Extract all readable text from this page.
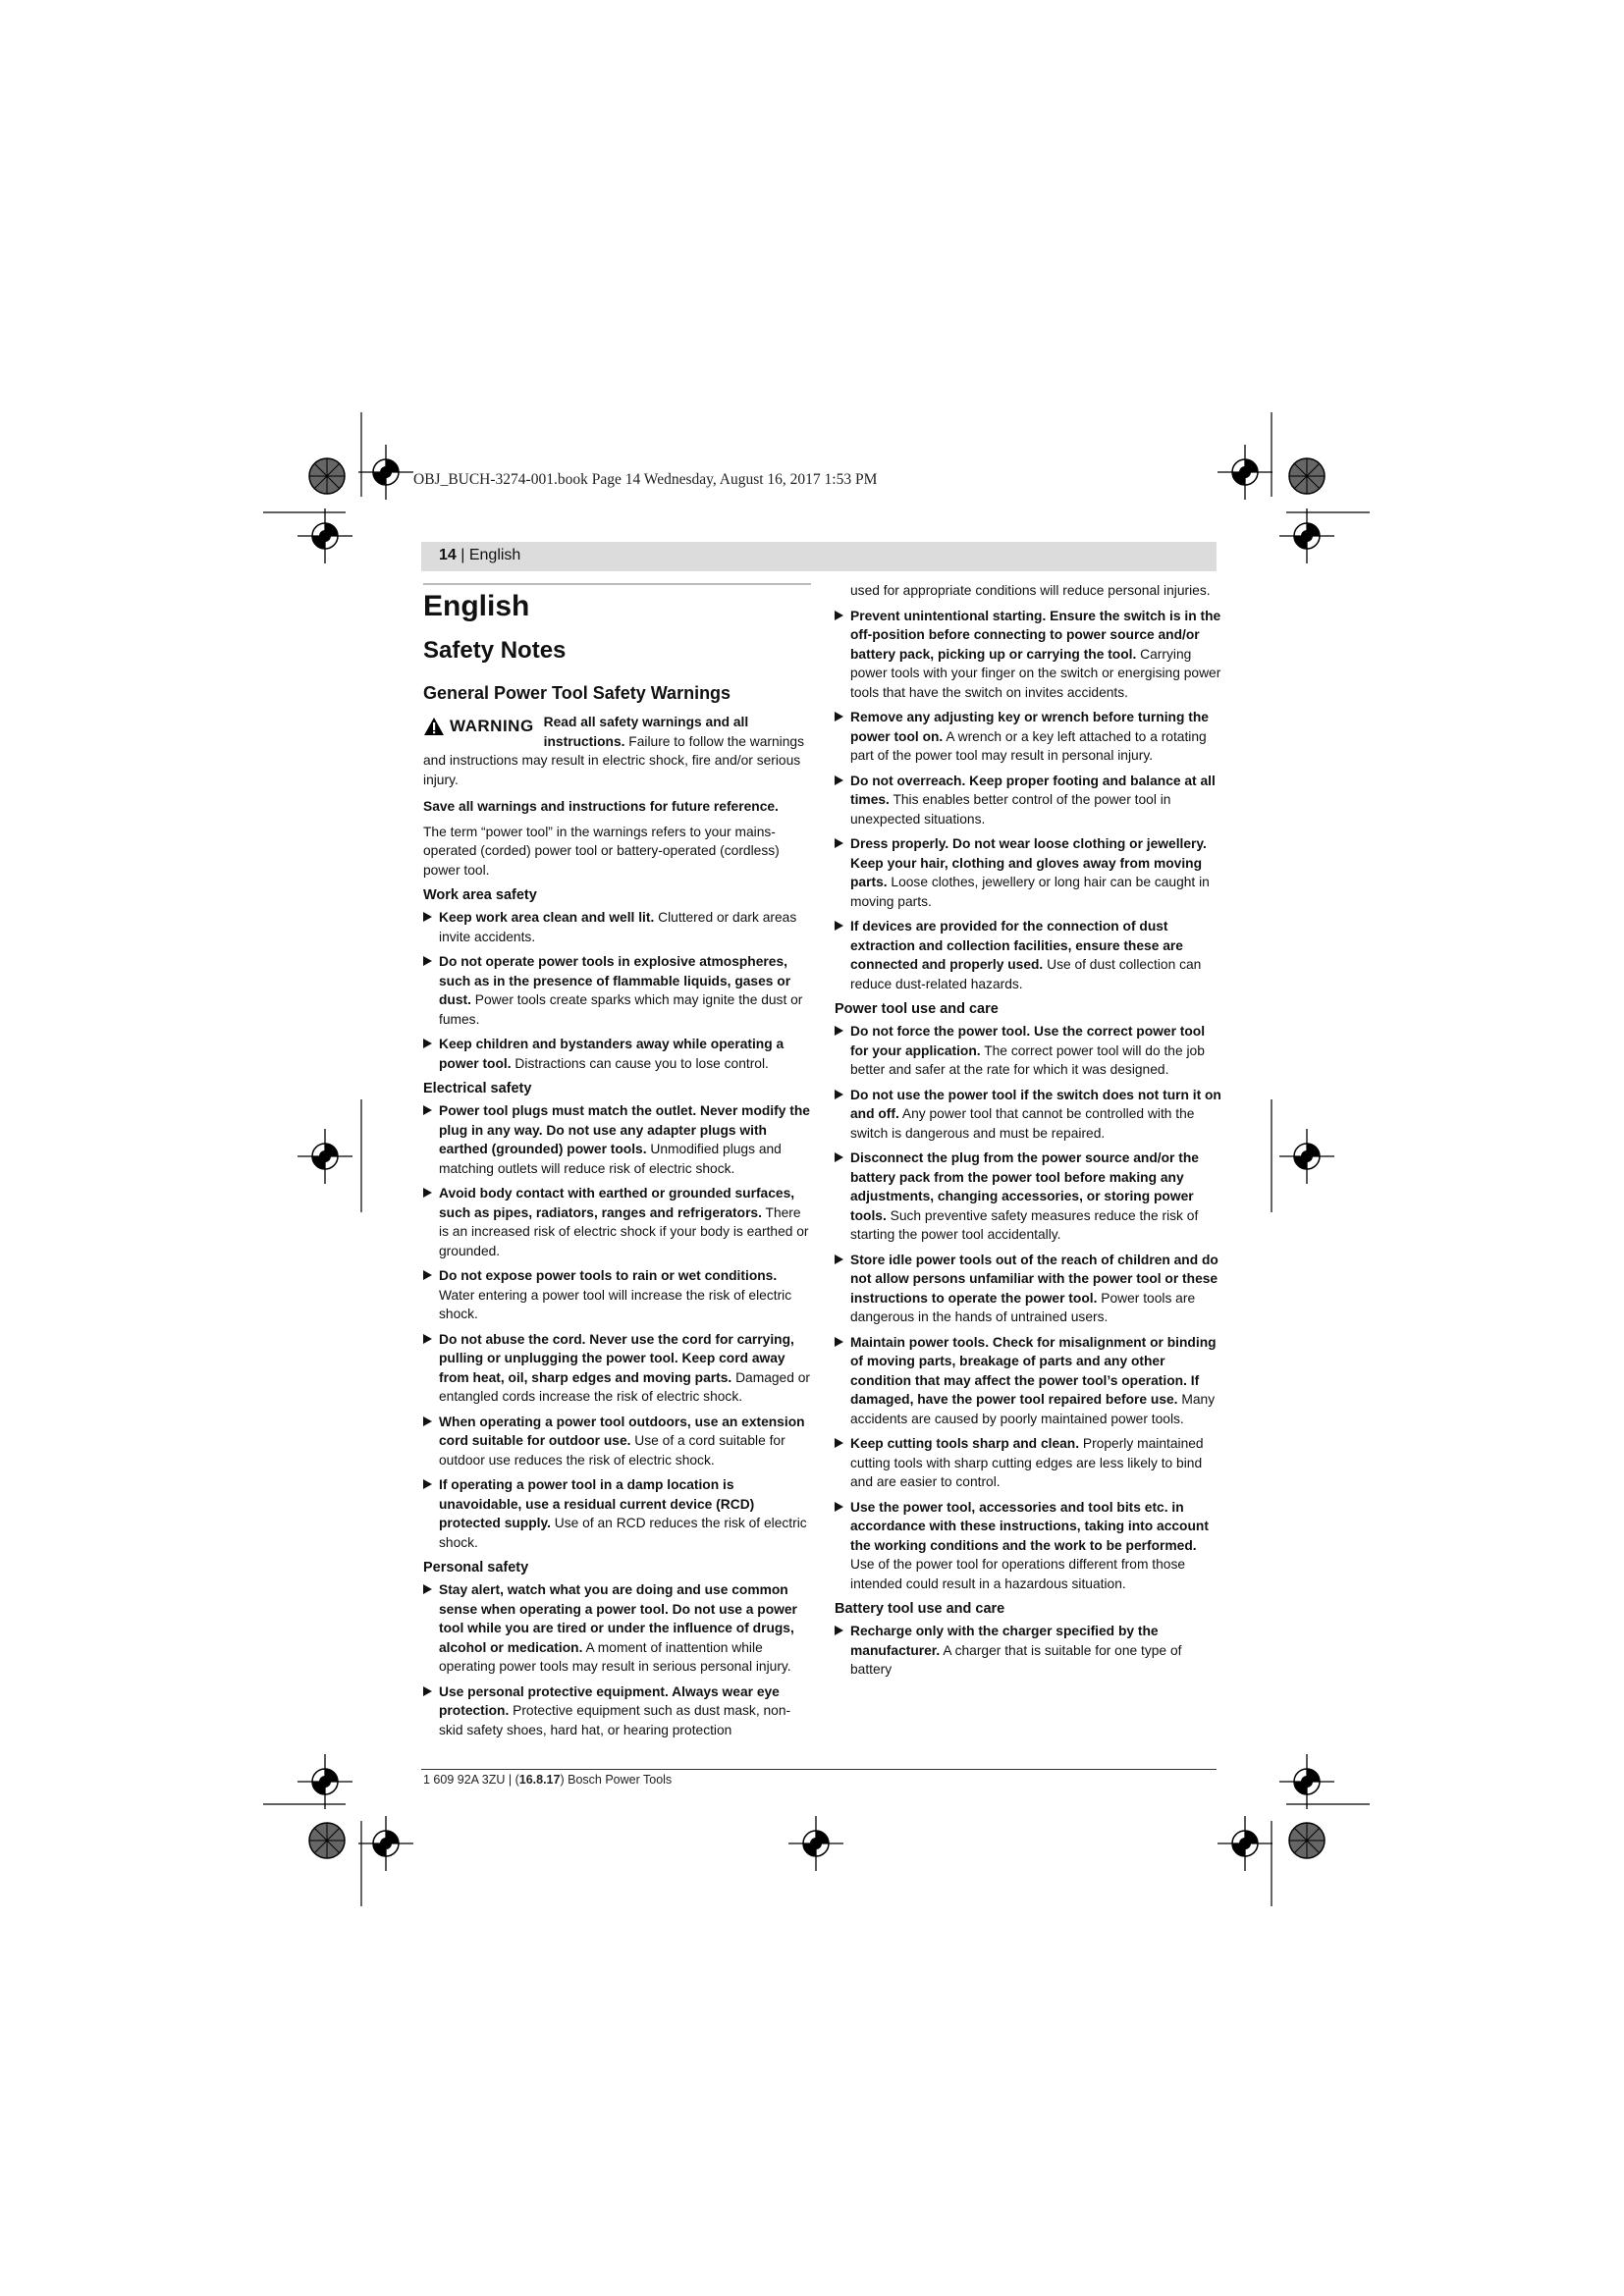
OBJ_BUCH-3274-001.book Page 14 Wednesday, August 16, 2017 1:53 PM
14 | English
English
Safety Notes
General Power Tool Safety Warnings
WARNING Read all safety warnings and all instructions. Failure to follow the warnings and instructions may result in electric shock, fire and/or serious injury.

Save all warnings and instructions for future reference.

The term “power tool” in the warnings refers to your mains-operated (corded) power tool or battery-operated (cordless) power tool.

Work area safety
Keep work area clean and well lit. Cluttered or dark areas invite accidents.
Do not operate power tools in explosive atmospheres, such as in the presence of flammable liquids, gases or dust. Power tools create sparks which may ignite the dust or fumes.
Keep children and bystanders away while operating a power tool. Distractions can cause you to lose control.
Electrical safety
Power tool plugs must match the outlet. Never modify the plug in any way. Do not use any adapter plugs with earthed (grounded) power tools. Unmodified plugs and matching outlets will reduce risk of electric shock.
Avoid body contact with earthed or grounded surfaces, such as pipes, radiators, ranges and refrigerators. There is an increased risk of electric shock if your body is earthed or grounded.
Do not expose power tools to rain or wet conditions. Water entering a power tool will increase the risk of electric shock.
Do not abuse the cord. Never use the cord for carrying, pulling or unplugging the power tool. Keep cord away from heat, oil, sharp edges and moving parts. Damaged or entangled cords increase the risk of electric shock.
When operating a power tool outdoors, use an extension cord suitable for outdoor use. Use of a cord suitable for outdoor use reduces the risk of electric shock.
If operating a power tool in a damp location is unavoidable, use a residual current device (RCD) protected supply. Use of an RCD reduces the risk of electric shock.
Personal safety
Stay alert, watch what you are doing and use common sense when operating a power tool. Do not use a power tool while you are tired or under the influence of drugs, alcohol or medication. A moment of inattention while operating power tools may result in serious personal injury.
Use personal protective equipment. Always wear eye protection. Protective equipment such as dust mask, non-skid safety shoes, hard hat, or hearing protection

used for appropriate conditions will reduce personal injuries.

Prevent unintentional starting. Ensure the switch is in the off-position before connecting to power source and/or battery pack, picking up or carrying the tool. Carrying power tools with your finger on the switch or energising power tools that have the switch on invites accidents.
Remove any adjusting key or wrench before turning the power tool on. A wrench or a key left attached to a rotating part of the power tool may result in personal injury.
Do not overreach. Keep proper footing and balance at all times. This enables better control of the power tool in unexpected situations.
Dress properly. Do not wear loose clothing or jewellery. Keep your hair, clothing and gloves away from moving parts. Loose clothes, jewellery or long hair can be caught in moving parts.
If devices are provided for the connection of dust extraction and collection facilities, ensure these are connected and properly used. Use of dust collection can reduce dust-related hazards.
Power tool use and care
Do not force the power tool. Use the correct power tool for your application. The correct power tool will do the job better and safer at the rate for which it was designed.
Do not use the power tool if the switch does not turn it on and off. Any power tool that cannot be controlled with the switch is dangerous and must be repaired.
Disconnect the plug from the power source and/or the battery pack from the power tool before making any adjustments, changing accessories, or storing power tools. Such preventive safety measures reduce the risk of starting the power tool accidentally.
Store idle power tools out of the reach of children and do not allow persons unfamiliar with the power tool or these instructions to operate the power tool. Power tools are dangerous in the hands of untrained users.
Maintain power tools. Check for misalignment or binding of moving parts, breakage of parts and any other condition that may affect the power tool’s operation. If damaged, have the power tool repaired before use. Many accidents are caused by poorly maintained power tools.
Keep cutting tools sharp and clean. Properly maintained cutting tools with sharp cutting edges are less likely to bind and are easier to control.
Use the power tool, accessories and tool bits etc. in accordance with these instructions, taking into account the working conditions and the work to be performed. Use of the power tool for operations different from those intended could result in a hazardous situation.
Battery tool use and care
Recharge only with the charger specified by the manufacturer. A charger that is suitable for one type of battery
1 609 92A 3ZU | (16.8.17) Bosch Power Tools
